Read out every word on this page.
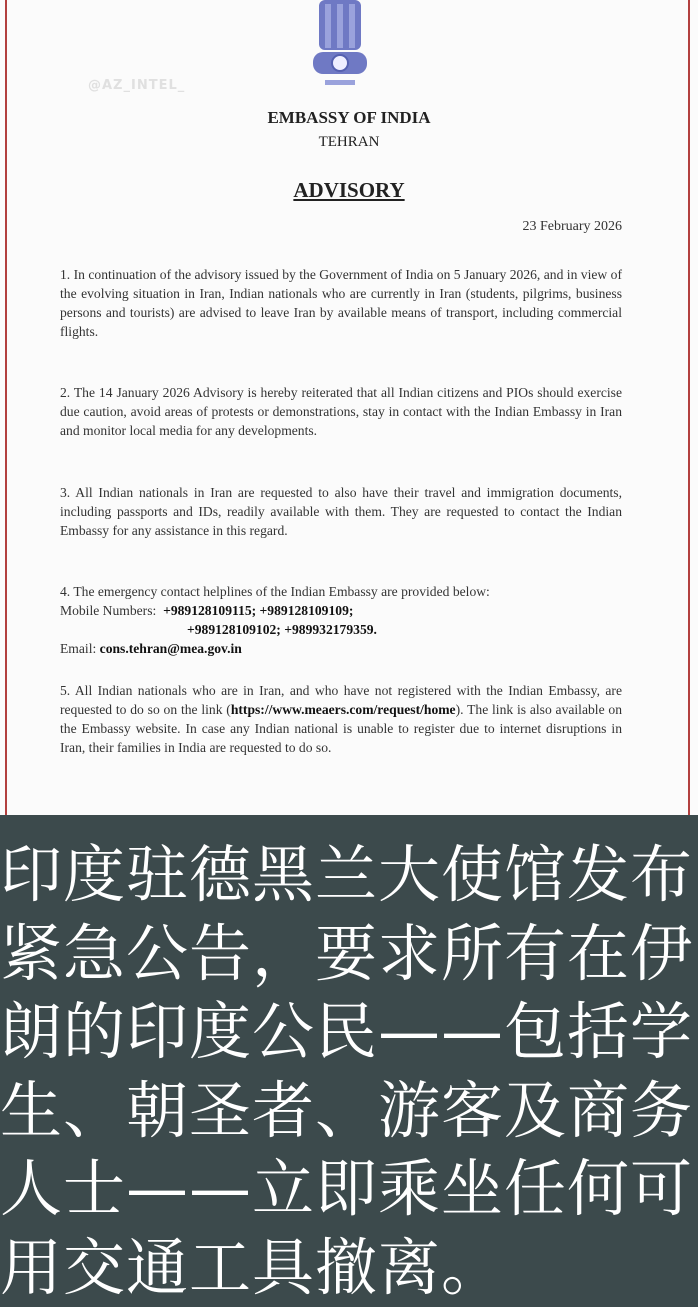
@AZ_INTEL_
EMBASSY OF INDIA
TEHRAN
ADVISORY
23 February 2026
1. In continuation of the advisory issued by the Government of India on 5 January 2026, and in view of the evolving situation in Iran, Indian nationals who are currently in Iran (students, pilgrims, business persons and tourists) are advised to leave Iran by available means of transport, including commercial flights.
2. The 14 January 2026 Advisory is hereby reiterated that all Indian citizens and PIOs should exercise due caution, avoid areas of protests or demonstrations, stay in contact with the Indian Embassy in Iran and monitor local media for any developments.
3. All Indian nationals in Iran are requested to also have their travel and immigration documents, including passports and IDs, readily available with them. They are requested to contact the Indian Embassy for any assistance in this regard.
4. The emergency contact helplines of the Indian Embassy are provided below:
Mobile Numbers: +989128109115; +989128109109;
+989128109102; +989932179359.
Email: cons.tehran@mea.gov.in
5. All Indian nationals who are in Iran, and who have not registered with the Indian Embassy, are requested to do so on the link (https://www.meaers.com/request/home). The link is also available on the Embassy website. In case any Indian national is unable to register due to internet disruptions in Iran, their families in India are requested to do so.
印度驻德黑兰大使馆发布
紧急公告，要求所有在伊
朗的印度公民——包括学
生、朝圣者、游客及商务
人士——立即乘坐任何可
用交通工具撤离。
